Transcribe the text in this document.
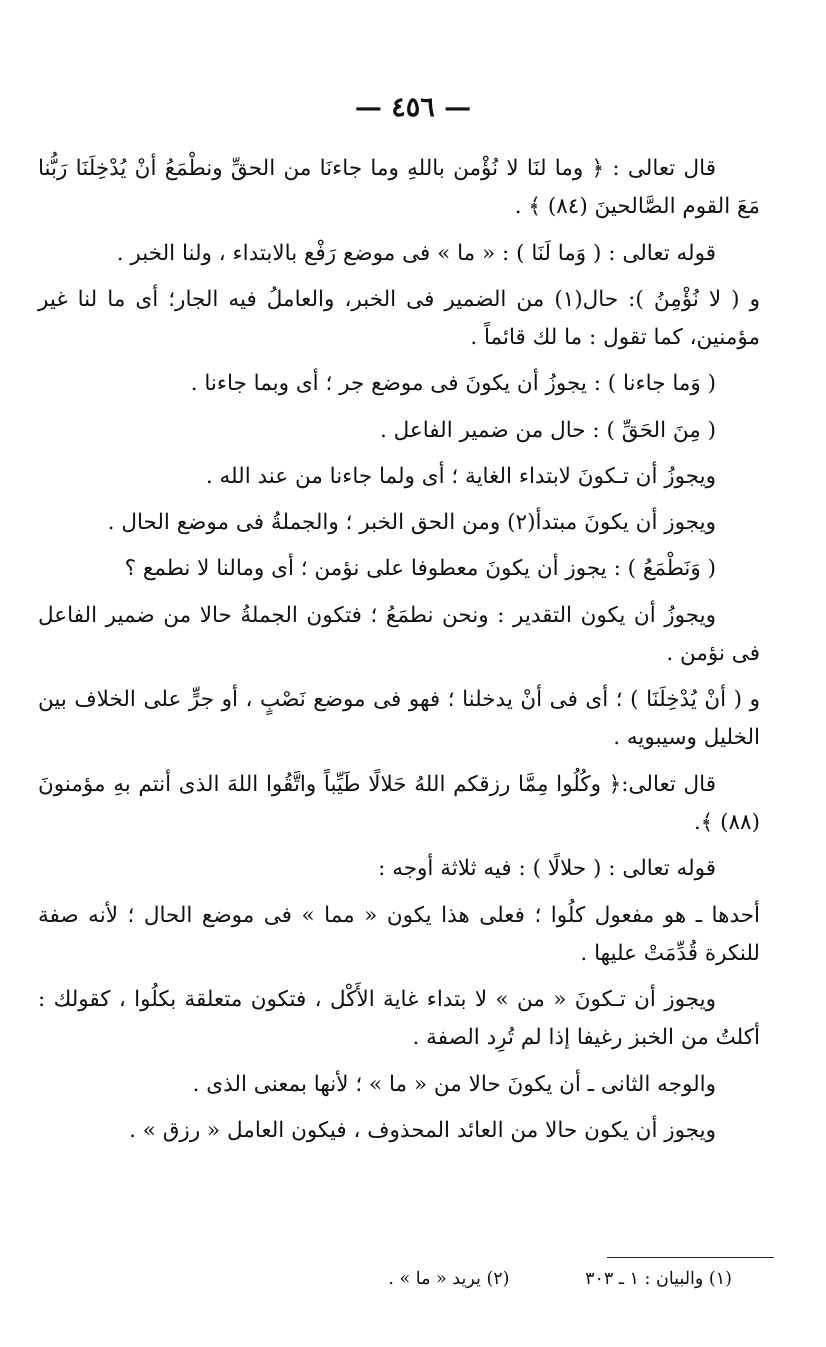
— ٤٥٦ —

قال تعالى : ﴿ وما لنَا لا نُؤْمن باللهِ وما جاءنَا من الحقِّ ونطْمَعُ أنْ يُدْخِلَنَا رَبُّنا مَعَ القوم الصَّالحينَ (٨٤) ﴾ .

قوله تعالى : ( وَما لَنَا ) : « ما » فى موضع رَفْع بالابتداء ، ولنا الخبر .

و ( لا نُؤْمِنُ ): حال(١) من الضمير فى الخبر، والعاملُ فيه الجار؛ أى ما لنا غير مؤمنين، كما تقول : ما لك قائماً .

( وَما جاءنا ) : يجوزُ أن يكونَ فى موضع جر ؛ أى وبما جاءنا .

( مِنَ الحَقِّ ) : حال من ضمير الفاعل .

ويجوزُ أن تـكونَ لابتداء الغاية ؛ أى ولما جاءنا من عند الله .

ويجوز أن يكونَ مبتدأ(٢) ومن الحق الخبر ؛ والجملةُ فى موضع الحال .

( وَنَطْمَعُ ) : يجوز أن يكونَ معطوفا على نؤمن ؛ أى ومالنا لا نطمع ؟

ويجوزُ أن يكون التقدير : ونحن نطمَعُ ؛ فتكون الجملةُ حالا من ضمير الفاعل فى نؤمن .

و ( أنْ يُدْخِلَنَا ) ؛ أى فى أنْ يدخلنا ؛ فهو فى موضع نَصْبٍ ، أو جرٍّ على الخلاف بين الخليل وسيبويه .

قال تعالى:﴿ وكُلُوا مِمَّا رزقكم اللهُ حَلالًا طَيِّباً واتَّقُوا اللهَ الذى أنتم بهِ مؤمنونَ (٨٨) ﴾.

قوله تعالى : ( حلالًا ) : فيه ثلاثة أوجه :

أحدها ـ هو مفعول كلُوا ؛ فعلى هذا يكون « مما » فى موضع الحال ؛ لأنه صفة للنكرة قُدِّمَتْ عليها .

ويجوز أن تـكونَ « من » لا بتداء غاية الأَكْل ، فتكون متعلقة بكلُوا ، كقولك : أكلتُ من الخبز رغيفا إذا لم تُرِد الصفة .

والوجه الثانى ـ أن يكونَ حالا من « ما » ؛ لأنها بمعنى الذى .

ويجوز أن يكون حالا من العائد المحذوف ، فيكون العامل « رزق » .

(١) والبيان : ١ ـ ٣٠٣ (٢) يريد « ما » .
